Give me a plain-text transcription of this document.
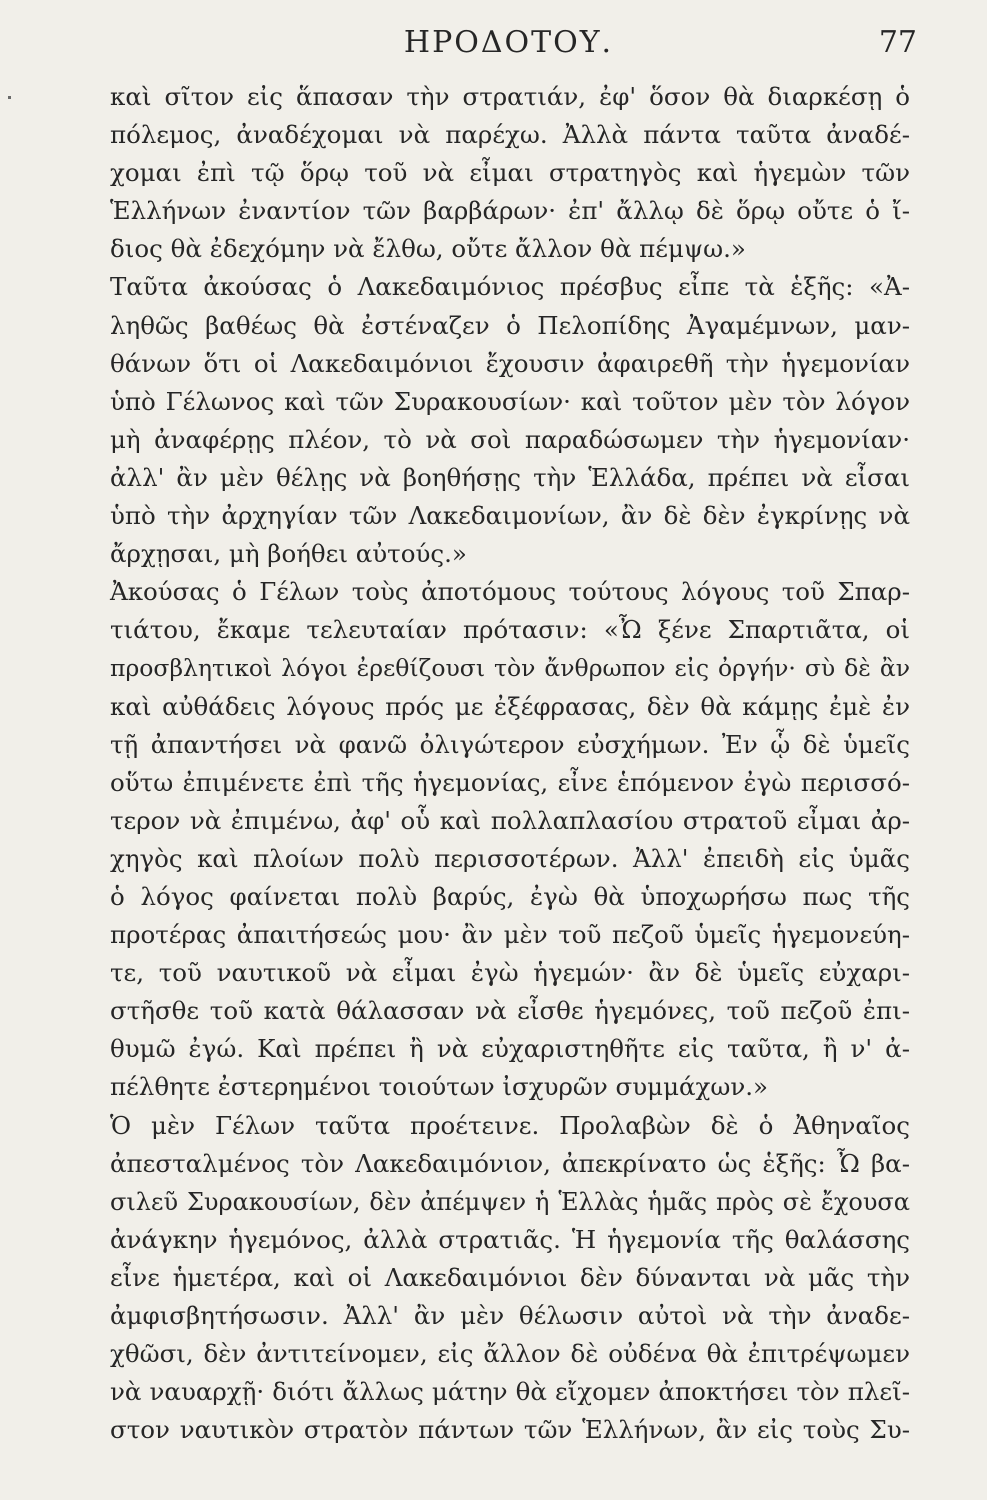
ΗΡΟΔΟΤΟΥ.	77
καὶ σῖτον εἰς ἅπασαν τὴν στρατιάν, ἐφ' ὅσον θὰ διαρκέσῃ ὁ
πόλεμος, ἀναδέχομαι νὰ παρέχω. Ἀλλὰ πάντα ταῦτα ἀναδέ-
χομαι ἐπὶ τῷ ὅρῳ τοῦ νὰ εἶμαι στρατηγὸς καὶ ἡγεμὼν τῶν
Ἑλλήνων ἐναντίον τῶν βαρβάρων· ἐπ' ἄλλῳ δὲ ὅρῳ οὔτε ὁ ἴ-
διος θὰ ἐδεχόμην νὰ ἔλθω, οὔτε ἄλλον θὰ πέμψω.»
Ταῦτα ἀκούσας ὁ Λακεδαιμόνιος πρέσβυς εἶπε τὰ ἑξῆς: «Ἀ-
ληθῶς βαθέως θὰ ἐστέναζεν ὁ Πελοπίδης Ἀγαμέμνων, μαν-
θάνων ὅτι οἱ Λακεδαιμόνιοι ἔχουσιν ἀφαιρεθῆ τὴν ἡγεμονίαν
ὑπὸ Γέλωνος καὶ τῶν Συρακουσίων· καὶ τοῦτον μὲν τὸν λόγον
μὴ ἀναφέρῃς πλέον, τὸ νὰ σοὶ παραδώσωμεν τὴν ἡγεμονίαν·
ἀλλ' ἂν μὲν θέλῃς νὰ βοηθήσῃς τὴν Ἑλλάδα, πρέπει νὰ εἶσαι
ὑπὸ τὴν ἀρχηγίαν τῶν Λακεδαιμονίων, ἂν δὲ δὲν ἐγκρίνῃς νὰ
ἄρχῃσαι, μὴ βοήθει αὐτούς.»
Ἀκούσας ὁ Γέλων τοὺς ἀποτόμους τούτους λόγους τοῦ Σπαρ-
τιάτου, ἔκαμε τελευταίαν πρότασιν: «Ὦ ξένε Σπαρτιᾶτα, οἱ
προσβλητικοὶ λόγοι ἐρεθίζουσι τὸν ἄνθρωπον εἰς ὀργήν· σὺ δὲ ἂν
καὶ αὐθάδεις λόγους πρός με ἐξέφρασας, δὲν θὰ κάμῃς ἐμὲ ἐν
τῇ ἀπαντήσει νὰ φανῶ ὀλιγώτερον εὐσχήμων. Ἐν ᾧ δὲ ὑμεῖς
οὕτω ἐπιμένετε ἐπὶ τῆς ἡγεμονίας, εἶνε ἑπόμενον ἐγὼ περισσό-
τερον νὰ ἐπιμένω, ἀφ' οὗ καὶ πολλαπλασίου στρατοῦ εἶμαι ἀρ-
χηγὸς καὶ πλοίων πολὺ περισσοτέρων. Ἀλλ' ἐπειδὴ εἰς ὑμᾶς
ὁ λόγος φαίνεται πολὺ βαρύς, ἐγὼ θὰ ὑποχωρήσω πως τῆς
προτέρας ἀπαιτήσεώς μου· ἂν μὲν τοῦ πεζοῦ ὑμεῖς ἡγεμονεύη-
τε, τοῦ ναυτικοῦ νὰ εἶμαι ἐγὼ ἡγεμών· ἂν δὲ ὑμεῖς εὐχαρι-
στῆσθε τοῦ κατὰ θάλασσαν νὰ εἶσθε ἡγεμόνες, τοῦ πεζοῦ ἐπι-
θυμῶ ἐγώ. Καὶ πρέπει ἢ νὰ εὐχαριστηθῆτε εἰς ταῦτα, ἢ ν' ἀ-
πέλθητε ἐστερημένοι τοιούτων ἰσχυρῶν συμμάχων.»
Ὁ μὲν Γέλων ταῦτα προέτεινε. Προλαβὼν δὲ ὁ Ἀθηναῖος
ἀπεσταλμένος τὸν Λακεδαιμόνιον, ἀπεκρίνατο ὡς ἑξῆς: Ὦ βα-
σιλεῦ Συρακουσίων, δὲν ἀπέμψεν ἡ Ἑλλὰς ἡμᾶς πρὸς σὲ ἔχουσα
ἀνάγκην ἡγεμόνος, ἀλλὰ στρατιᾶς. Ἡ ἡγεμονία τῆς θαλάσσης
εἶνε ἡμετέρα, καὶ οἱ Λακεδαιμόνιοι δὲν δύνανται νὰ μᾶς τὴν
ἀμφισβητήσωσιν. Ἀλλ' ἂν μὲν θέλωσιν αὐτοὶ νὰ τὴν ἀναδε-
χθῶσι, δὲν ἀντιτείνομεν, εἰς ἄλλον δὲ οὐδένα θὰ ἐπιτρέψωμεν
νὰ ναυαρχῇ· διότι ἄλλως μάτην θὰ εἴχομεν ἀποκτήσει τὸν πλεῖ-
στον ναυτικὸν στρατὸν πάντων τῶν Ἑλλήνων, ἂν εἰς τοὺς Συ-
